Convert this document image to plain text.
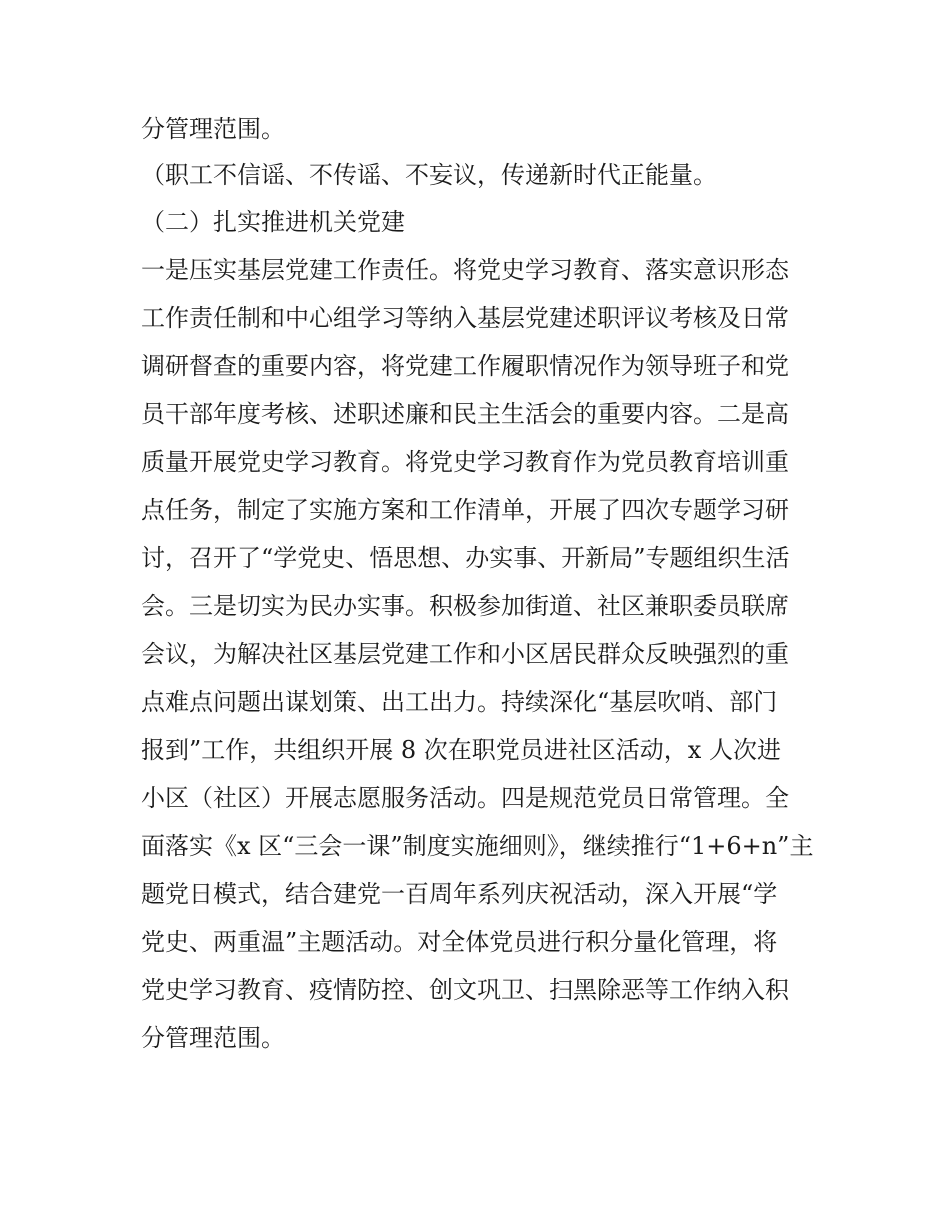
分管理范围。
（职工不信谣、不传谣、不妄议，传递新时代正能量。
（二）扎实推进机关党建
一是压实基层党建工作责任。将党史学习教育、落实意识形态
工作责任制和中心组学习等纳入基层党建述职评议考核及日常
调研督查的重要内容，将党建工作履职情况作为领导班子和党
员干部年度考核、述职述廉和民主生活会的重要内容。二是高
质量开展党史学习教育。将党史学习教育作为党员教育培训重
点任务，制定了实施方案和工作清单，开展了四次专题学习研
讨，召开了“学党史、悟思想、办实事、开新局”专题组织生活
会。三是切实为民办实事。积极参加街道、社区兼职委员联席
会议，为解决社区基层党建工作和小区居民群众反映强烈的重
点难点问题出谋划策、出工出力。持续深化“基层吹哨、部门
报到”工作，共组织开展 8 次在职党员进社区活动，x 人次进
小区（社区）开展志愿服务活动。四是规范党员日常管理。全
面落实《x 区“三会一课”制度实施细则》，继续推行“1+6+n”主
题党日模式，结合建党一百周年系列庆祝活动，深入开展“学
党史、两重温”主题活动。对全体党员进行积分量化管理，将
党史学习教育、疫情防控、创文巩卫、扫黑除恶等工作纳入积
分管理范围。
